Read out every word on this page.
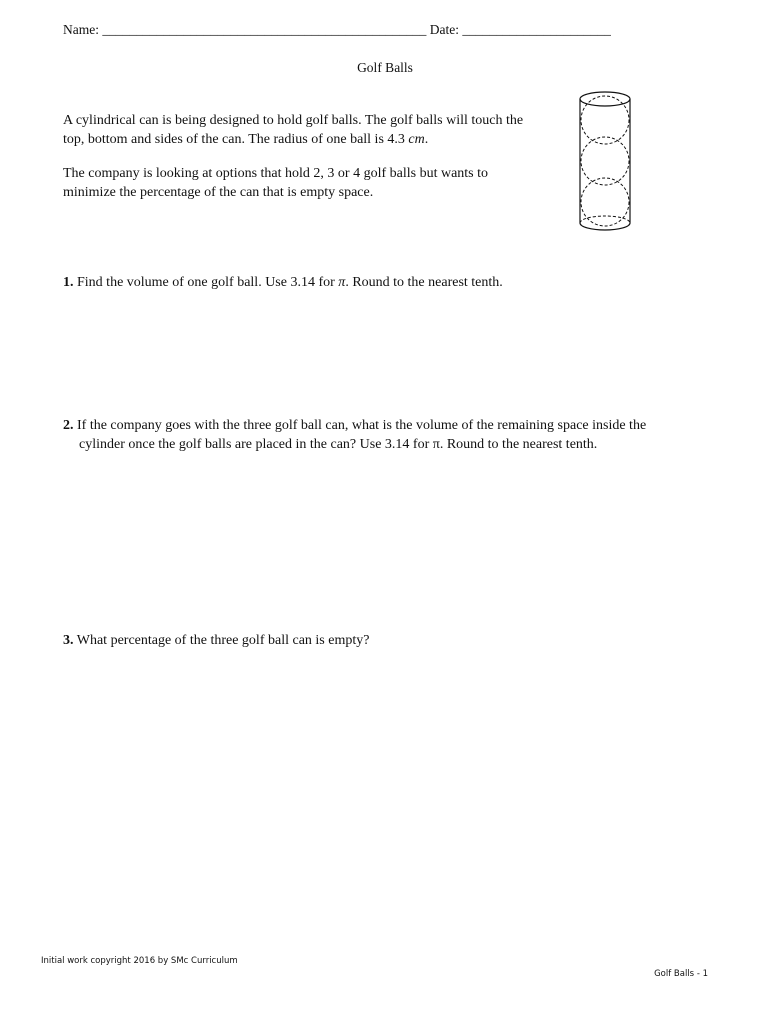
Name: ________________________________________________ Date: ______________________
Golf Balls

A cylindrical can is being designed to hold golf balls. The golf balls will touch the top, bottom and sides of the can. The radius of one ball is 4.3 cm.

The company is looking at options that hold 2, 3 or 4 golf balls but wants to minimize the percentage of the can that is empty space.

1. Find the volume of one golf ball. Use 3.14 for π. Round to the nearest tenth.
2. If the company goes with the three golf ball can, what is the volume of the remaining space inside the
cylinder once the golf balls are placed in the can? Use 3.14 for π. Round to the nearest tenth.
3. What percentage of the three golf ball can is empty?
Initial work copyright 2016 by SMc Curriculum
Golf Balls - 1
